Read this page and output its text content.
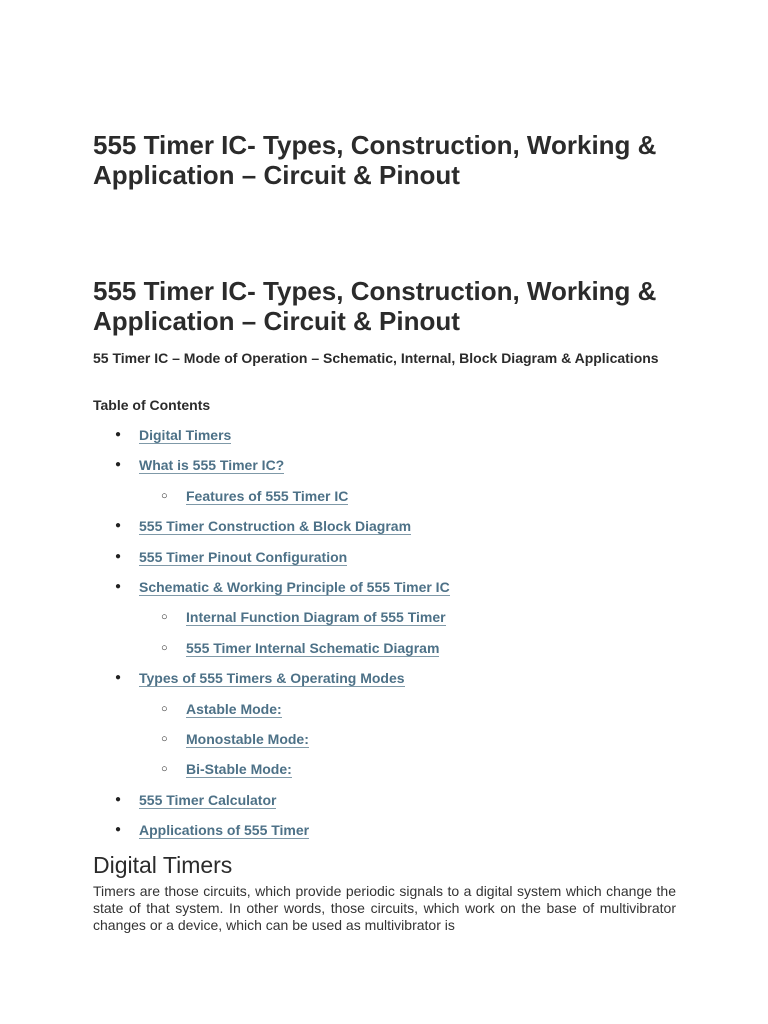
555 Timer IC- Types, Construction, Working & Application – Circuit & Pinout
555 Timer IC- Types, Construction, Working & Application – Circuit & Pinout
55 Timer IC – Mode of Operation – Schematic, Internal, Block Diagram & Applications
Table of Contents
● Digital Timers
● What is 555 Timer IC?
○ Features of 555 Timer IC
● 555 Timer Construction & Block Diagram
● 555 Timer Pinout Configuration
● Schematic & Working Principle of 555 Timer IC
○ Internal Function Diagram of 555 Timer
○ 555 Timer Internal Schematic Diagram
● Types of 555 Timers & Operating Modes
○ Astable Mode:
○ Monostable Mode:
○ Bi-Stable Mode:
● 555 Timer Calculator
● Applications of 555 Timer
Digital Timers
Timers are those circuits, which provide periodic signals to a digital system which change the state of that system. In other words, those circuits, which work on the base of multivibrator changes or a device, which can be used as multivibrator is
